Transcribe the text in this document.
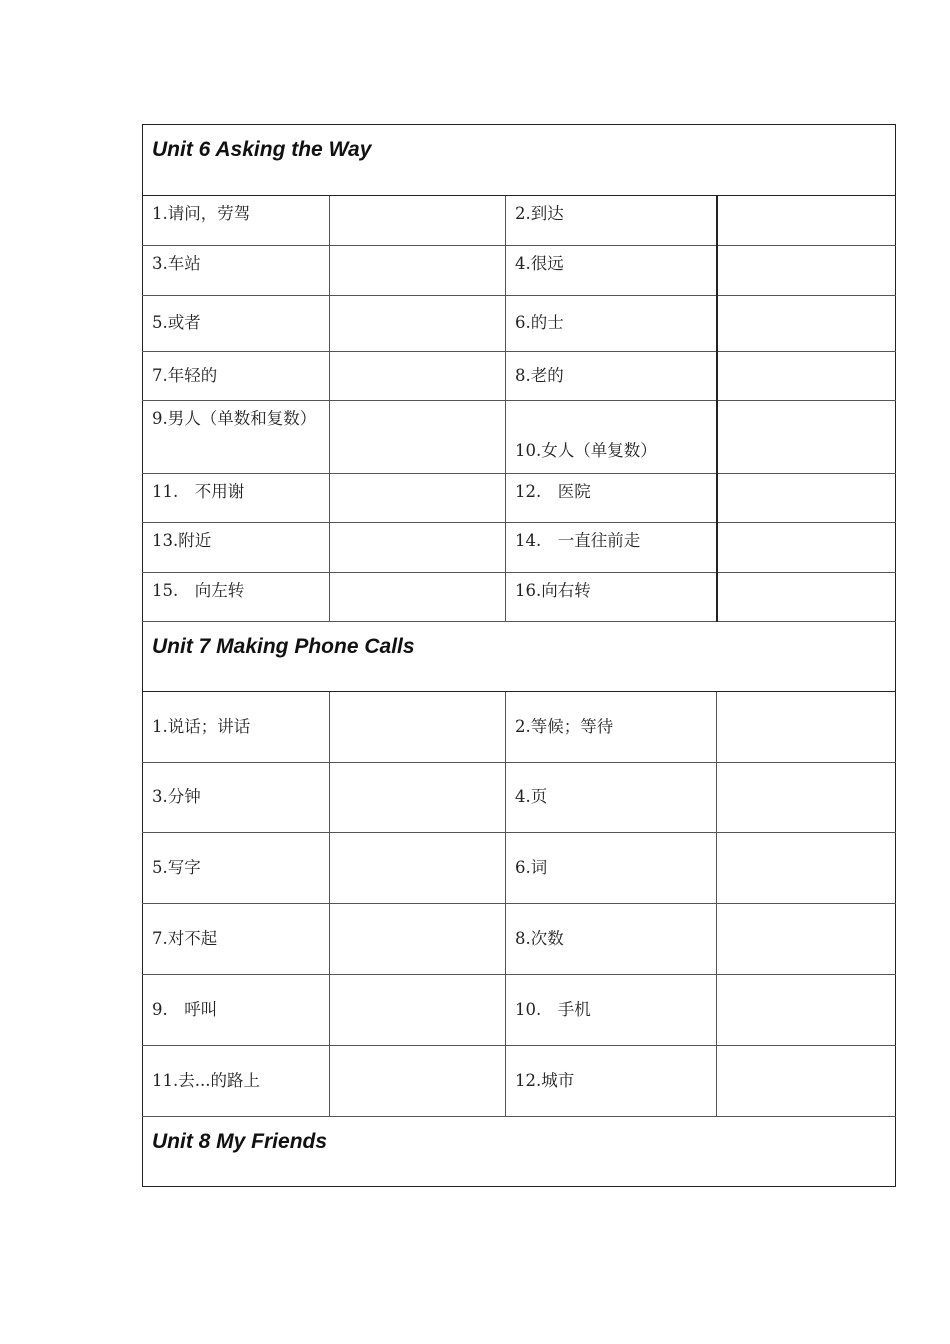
Unit 6 Asking the Way			
1.请问，劳驾		2.到达	
3.车站		4.很远	
5.或者		6.的士	
7.年轻的		8.老的	
9.男人（单数和复数）		10.女人（单复数）	
11.　不用谢		12.　医院	
13.附近		14.　一直往前走	
15.　向左转		16.向右转	
Unit 7 Making Phone Calls			
1.说话；讲话		2.等候；等待	
3.分钟		4.页	
5.写字		6.词	
7.对不起		8.次数	
9.　呼叫		10.　手机	
11.去...的路上		12.城市	
Unit 8 My Friends			
